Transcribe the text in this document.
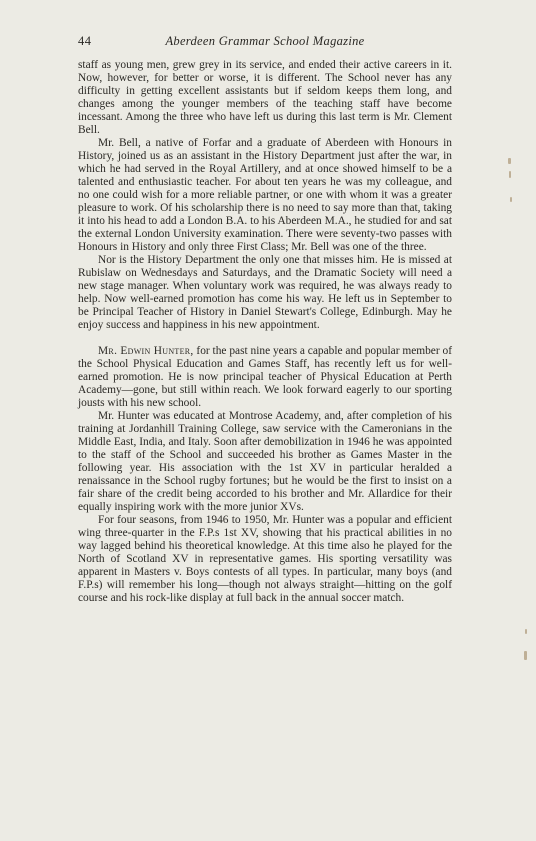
44	Aberdeen Grammar School Magazine

staff as young men, grew grey in its service, and ended their active careers in it. Now, however, for better or worse, it is different. The School never has any difficulty in getting excellent assistants but if seldom keeps them long, and changes among the younger members of the teaching staff have become incessant. Among the three who have left us during this last term is Mr. Clement Bell.

Mr. Bell, a native of Forfar and a graduate of Aberdeen with Honours in History, joined us as an assistant in the History Department just after the war, in which he had served in the Royal Artillery, and at once showed himself to be a talented and enthusiastic teacher. For about ten years he was my colleague, and no one could wish for a more reliable partner, or one with whom it was a greater pleasure to work. Of his scholarship there is no need to say more than that, taking it into his head to add a London B.A. to his Aberdeen M.A., he studied for and sat the external London University examination. There were seventy-two passes with Honours in History and only three First Class; Mr. Bell was one of the three.

Nor is the History Department the only one that misses him. He is missed at Rubislaw on Wednesdays and Saturdays, and the Dramatic Society will need a new stage manager. When voluntary work was required, he was always ready to help. Now well-earned promotion has come his way. He left us in September to be Principal Teacher of History in Daniel Stewart's College, Edinburgh. May he enjoy success and happiness in his new appointment.

Mr. Edwin Hunter, for the past nine years a capable and popular member of the School Physical Education and Games Staff, has recently left us for well-earned promotion. He is now principal teacher of Physical Education at Perth Academy—gone, but still within reach. We look forward eagerly to our sporting jousts with his new school.

Mr. Hunter was educated at Montrose Academy, and, after completion of his training at Jordanhill Training College, saw service with the Cameronians in the Middle East, India, and Italy. Soon after demobilization in 1946 he was appointed to the staff of the School and succeeded his brother as Games Master in the following year. His association with the 1st XV in particular heralded a renaissance in the School rugby fortunes; but he would be the first to insist on a fair share of the credit being accorded to his brother and Mr. Allardice for their equally inspiring work with the more junior XVs.

For four seasons, from 1946 to 1950, Mr. Hunter was a popular and efficient wing three-quarter in the F.P.s 1st XV, showing that his practical abilities in no way lagged behind his theoretical knowledge. At this time also he played for the North of Scotland XV in representative games. His sporting versatility was apparent in Masters v. Boys contests of all types. In particular, many boys (and F.P.s) will remember his long—though not always straight—hitting on the golf course and his rock-like display at full back in the annual soccer match.
